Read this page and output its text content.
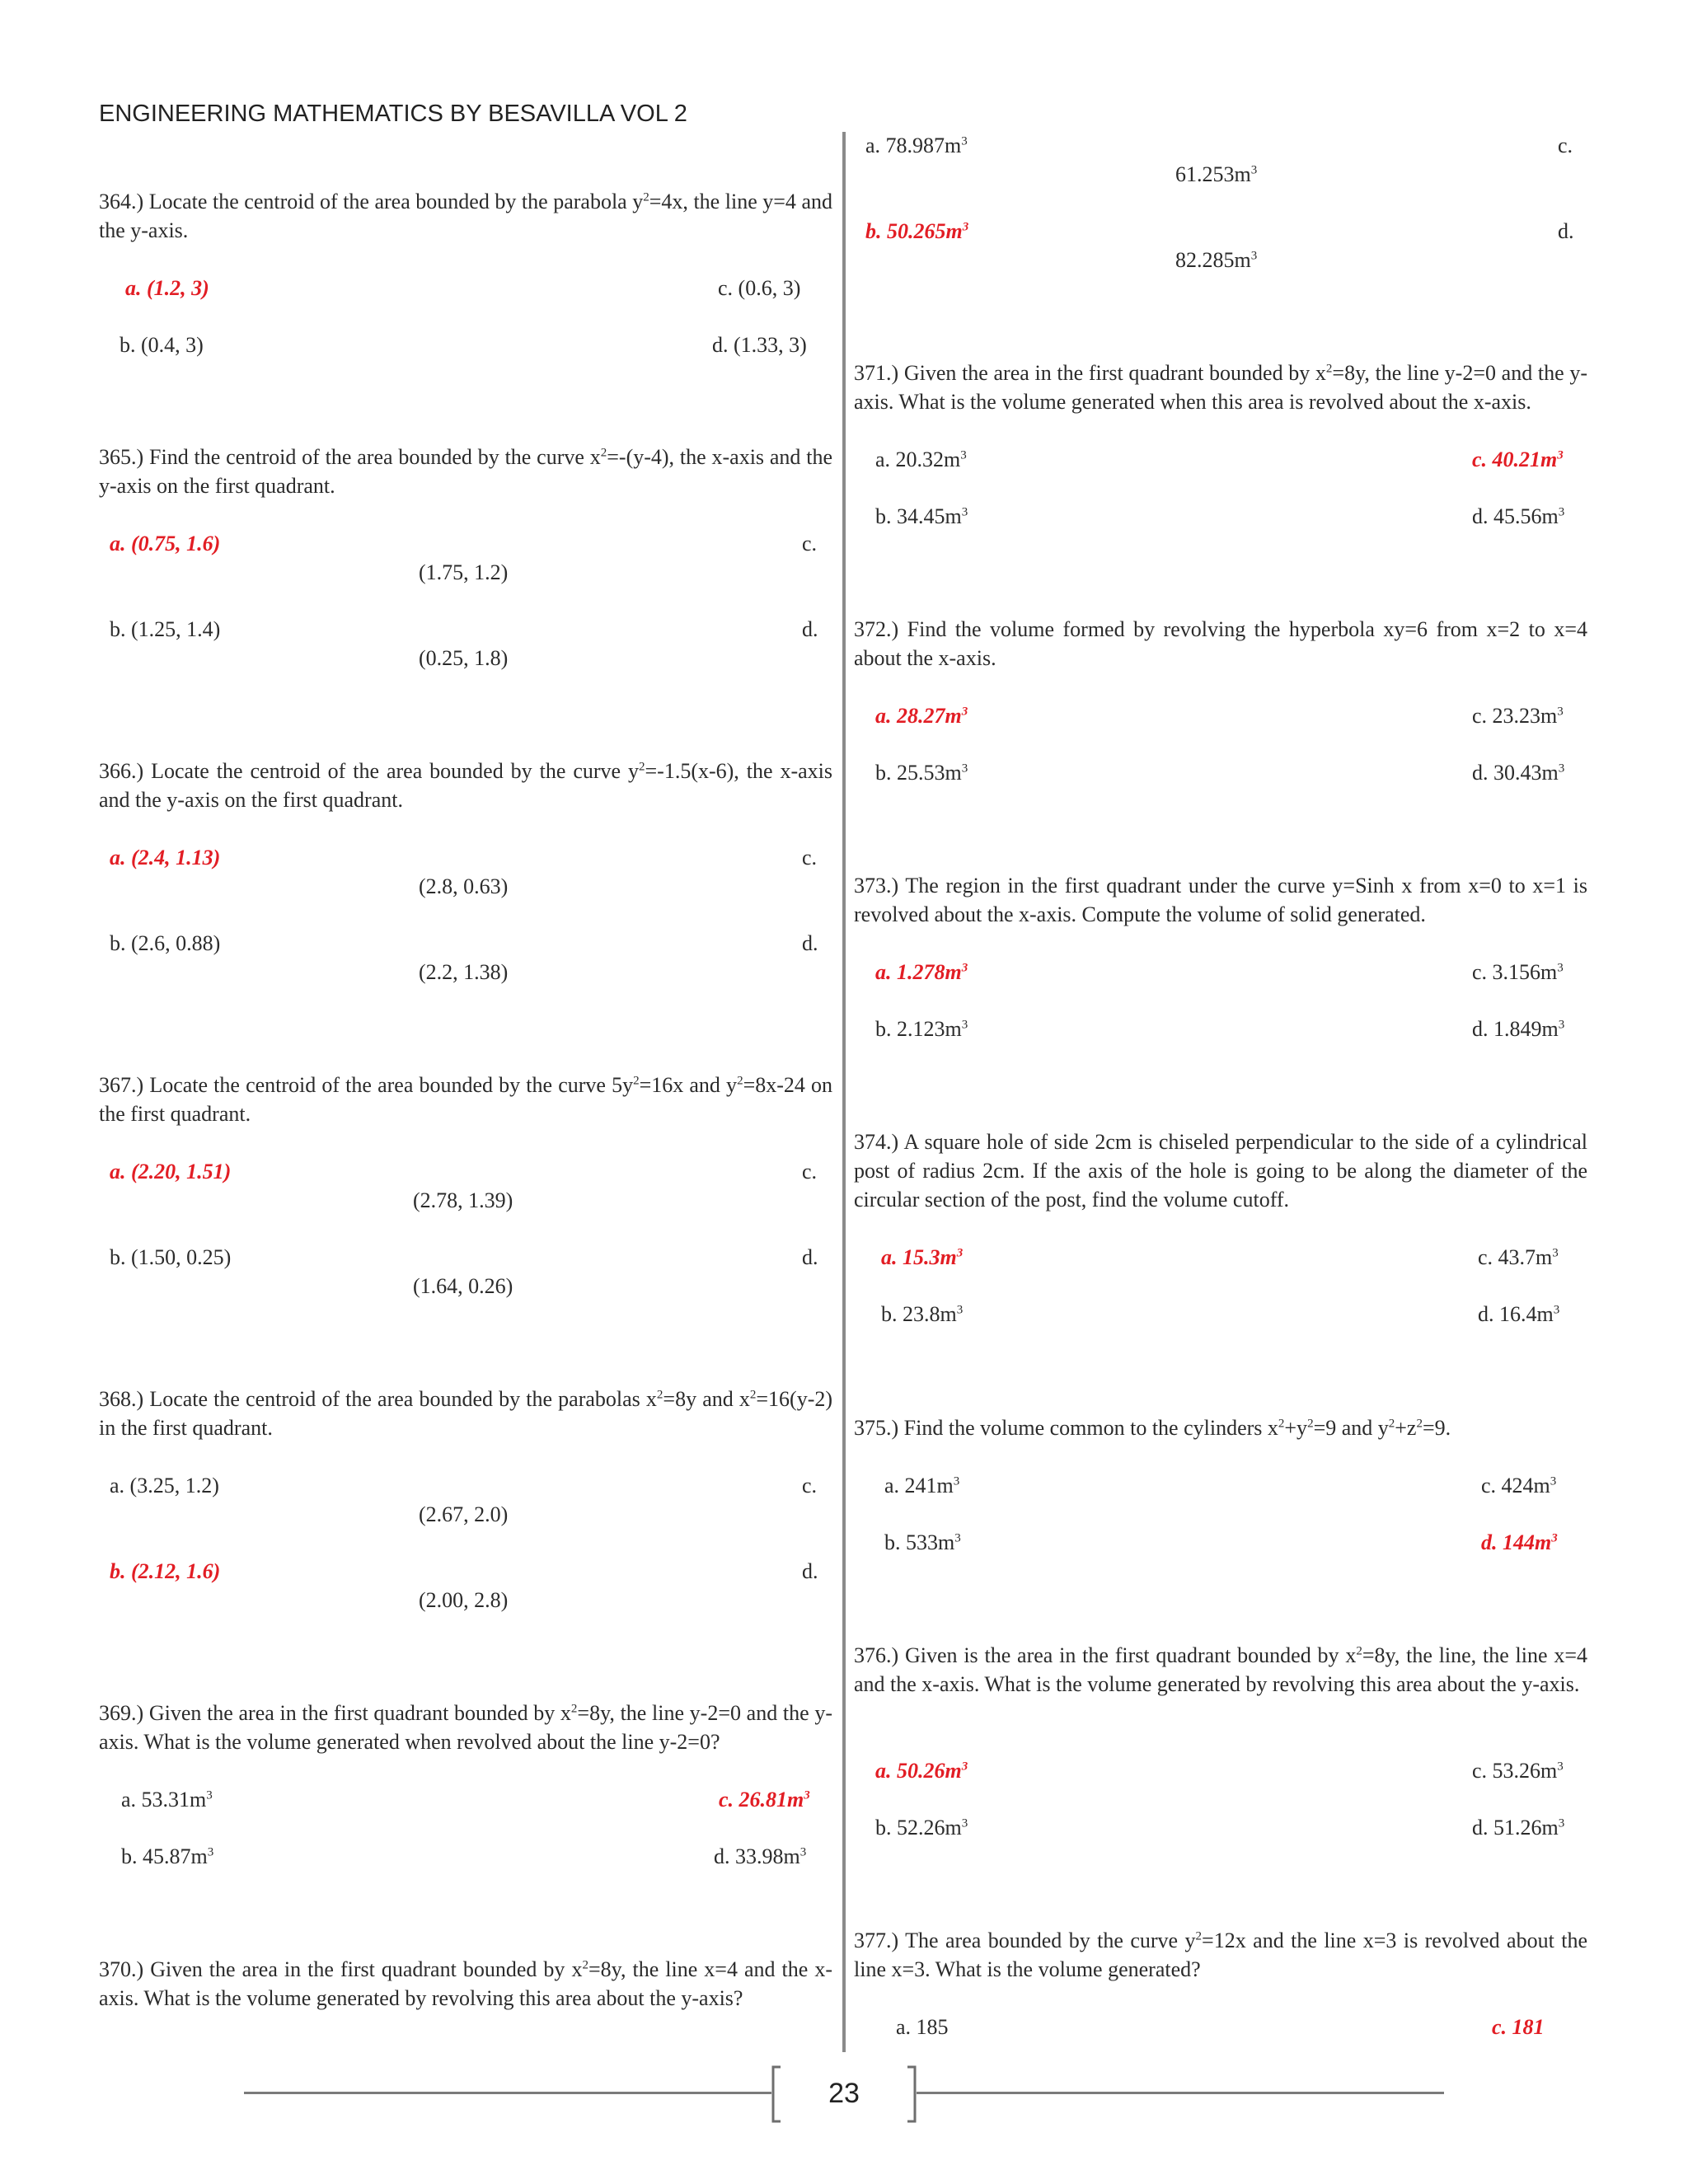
ENGINEERING MATHEMATICS BY BESAVILLA VOL 2
364.) Locate the centroid of the area bounded by the parabola $y^2=4x$, the line y=4 and the y-axis.
a. (1.2, 3)
b. (0.4, 3)
c. (0.6, 3)
d. (1.33, 3)
365.) Find the centroid of the area bounded by the curve $x^2=-(y-4)$, the x-axis and the y-axis on the first quadrant.
a. (0.75, 1.6)
b. (1.25, 1.4)
c.
(1.75, 1.2)
d.
(0.25, 1.8)
366.) Locate the centroid of the area bounded by the curve $y^2=-1.5(x-6)$, the x-axis and the y-axis on the first quadrant.
a. (2.4, 1.13)
b. (2.6, 0.88)
c.
(2.8, 0.63)
d.
(2.2, 1.38)
367.) Locate the centroid of the area bounded by the curve $5y^2=16x$ and $y^2=8x-24$ on the first quadrant.
a. (2.20, 1.51)
b. (1.50, 0.25)
c.
(2.78, 1.39)
d.
(1.64, 0.26)
368.) Locate the centroid of the area bounded by the parabolas $x^2=8y$ and $x^2=16(y-2)$ in the first quadrant.
a. (3.25, 1.2)
b. (2.12, 1.6)
c.
(2.67, 2.0)
d.
(2.00, 2.8)
369.) Given the area in the first quadrant bounded by $x^2=8y$, the line y-2=0 and the y-axis. What is the volume generated when revolved about the line y-2=0?
a. $53.31m^3$
b. $45.87m^3$
c. $26.81m^3$
d. $33.98m^3$
370.) Given the area in the first quadrant bounded by $x^2=8y$, the line x=4 and the x-axis. What is the volume generated by revolving this area about the y-axis?
a. $78.987m^3$
b. $50.265m^3$
c.
$61.253m^3$
d.
$82.285m^3$
371.) Given the area in the first quadrant bounded by $x^2=8y$, the line y-2=0 and the y-axis. What is the volume generated when this area is revolved about the x-axis.
a. $20.32m^3$
b. $34.45m^3$
c. $40.21m^3$
d. $45.56m^3$
372.) Find the volume formed by revolving the hyperbola xy=6 from x=2 to x=4 about the x-axis.
a. $28.27m^3$
b. $25.53m^3$
c. $23.23m^3$
d. $30.43m^3$
373.) The region in the first quadrant under the curve y=Sinh x from x=0 to x=1 is revolved about the x-axis. Compute the volume of solid generated.
a. $1.278m^3$
b. $2.123m^3$
c. $3.156m^3$
d. $1.849m^3$
374.) A square hole of side 2cm is chiseled perpendicular to the side of a cylindrical post of radius 2cm. If the axis of the hole is going to be along the diameter of the circular section of the post, find the volume cutoff.
a. $15.3m^3$
b. $23.8m^3$
c. $43.7m^3$
d. $16.4m^3$
375.) Find the volume common to the cylinders $x^2+y^2=9$ and $y^2+z^2=9$.
a. $241m^3$
b. $533m^3$
c. $424m^3$
d. $144m^3$
376.) Given is the area in the first quadrant bounded by $x^2=8y$, the line, the line x=4 and the x-axis. What is the volume generated by revolving this area about the y-axis.
a. $50.26m^3$
b. $52.26m^3$
c. $53.26m^3$
d. $51.26m^3$
377.) The area bounded by the curve $y^2=12x$ and the line x=3 is revolved about the line x=3. What is the volume generated?
a. 185	c. 181
23
